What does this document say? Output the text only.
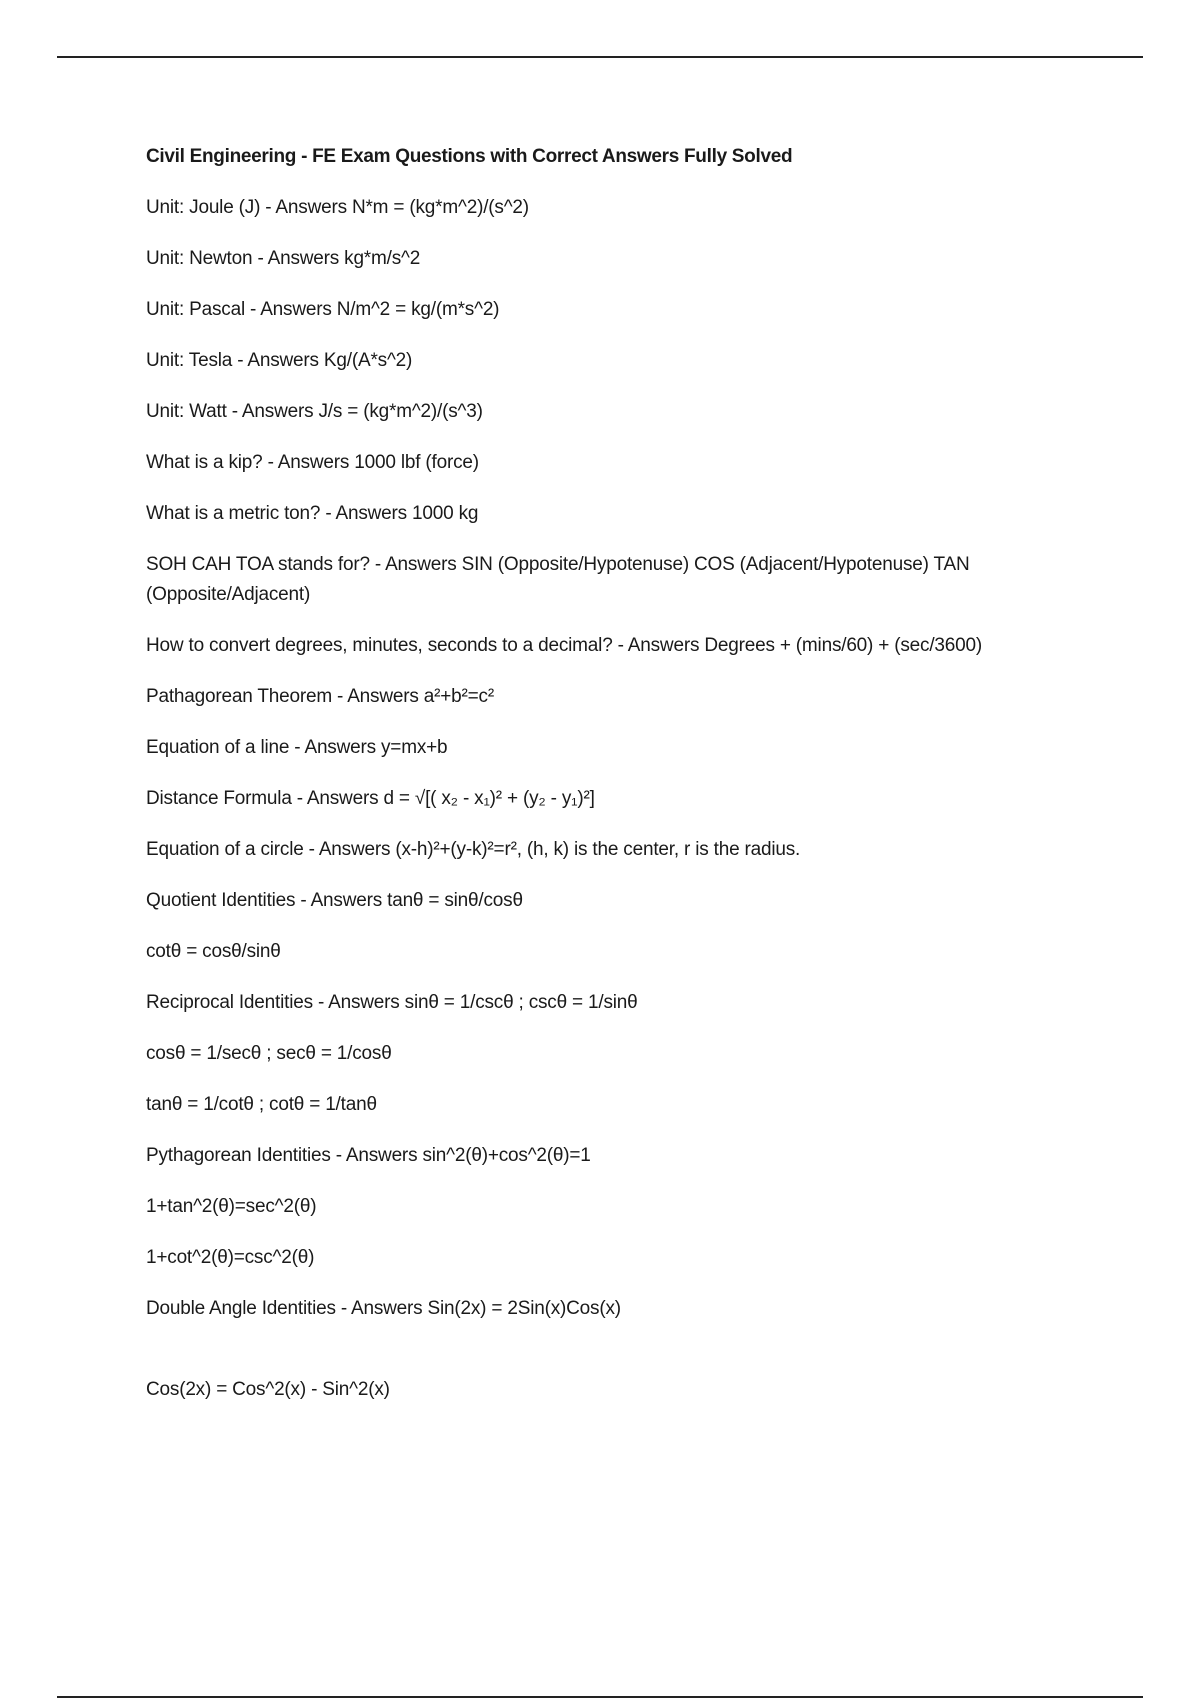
Civil Engineering - FE Exam Questions with Correct Answers Fully Solved
Unit: Joule (J) - Answers N*m = (kg*m^2)/(s^2)
Unit: Newton - Answers kg*m/s^2
Unit: Pascal - Answers N/m^2 = kg/(m*s^2)
Unit: Tesla - Answers Kg/(A*s^2)
Unit: Watt - Answers J/s = (kg*m^2)/(s^3)
What is a kip? - Answers 1000 lbf (force)
What is a metric ton? - Answers 1000 kg
SOH CAH TOA stands for? - Answers SIN (Opposite/Hypotenuse) COS (Adjacent/Hypotenuse) TAN (Opposite/Adjacent)
How to convert degrees, minutes, seconds to a decimal? - Answers Degrees + (mins/60) + (sec/3600)
Pathagorean Theorem - Answers a²+b²=c²
Equation of a line - Answers y=mx+b
Distance Formula - Answers d = √[( x₂ - x₁)² + (y₂ - y₁)²]
Equation of a circle - Answers (x-h)²+(y-k)²=r², (h, k) is the center, r is the radius.
Quotient Identities - Answers tanθ = sinθ/cosθ
cotθ = cosθ/sinθ
Reciprocal Identities - Answers sinθ = 1/cscθ ; cscθ = 1/sinθ
cosθ = 1/secθ ; secθ = 1/cosθ
tanθ = 1/cotθ ; cotθ = 1/tanθ
Pythagorean Identities - Answers sin^2(θ)+cos^2(θ)=1
1+tan^2(θ)=sec^2(θ)
1+cot^2(θ)=csc^2(θ)
Double Angle Identities - Answers Sin(2x) = 2Sin(x)Cos(x)
Cos(2x) = Cos^2(x) - Sin^2(x)
